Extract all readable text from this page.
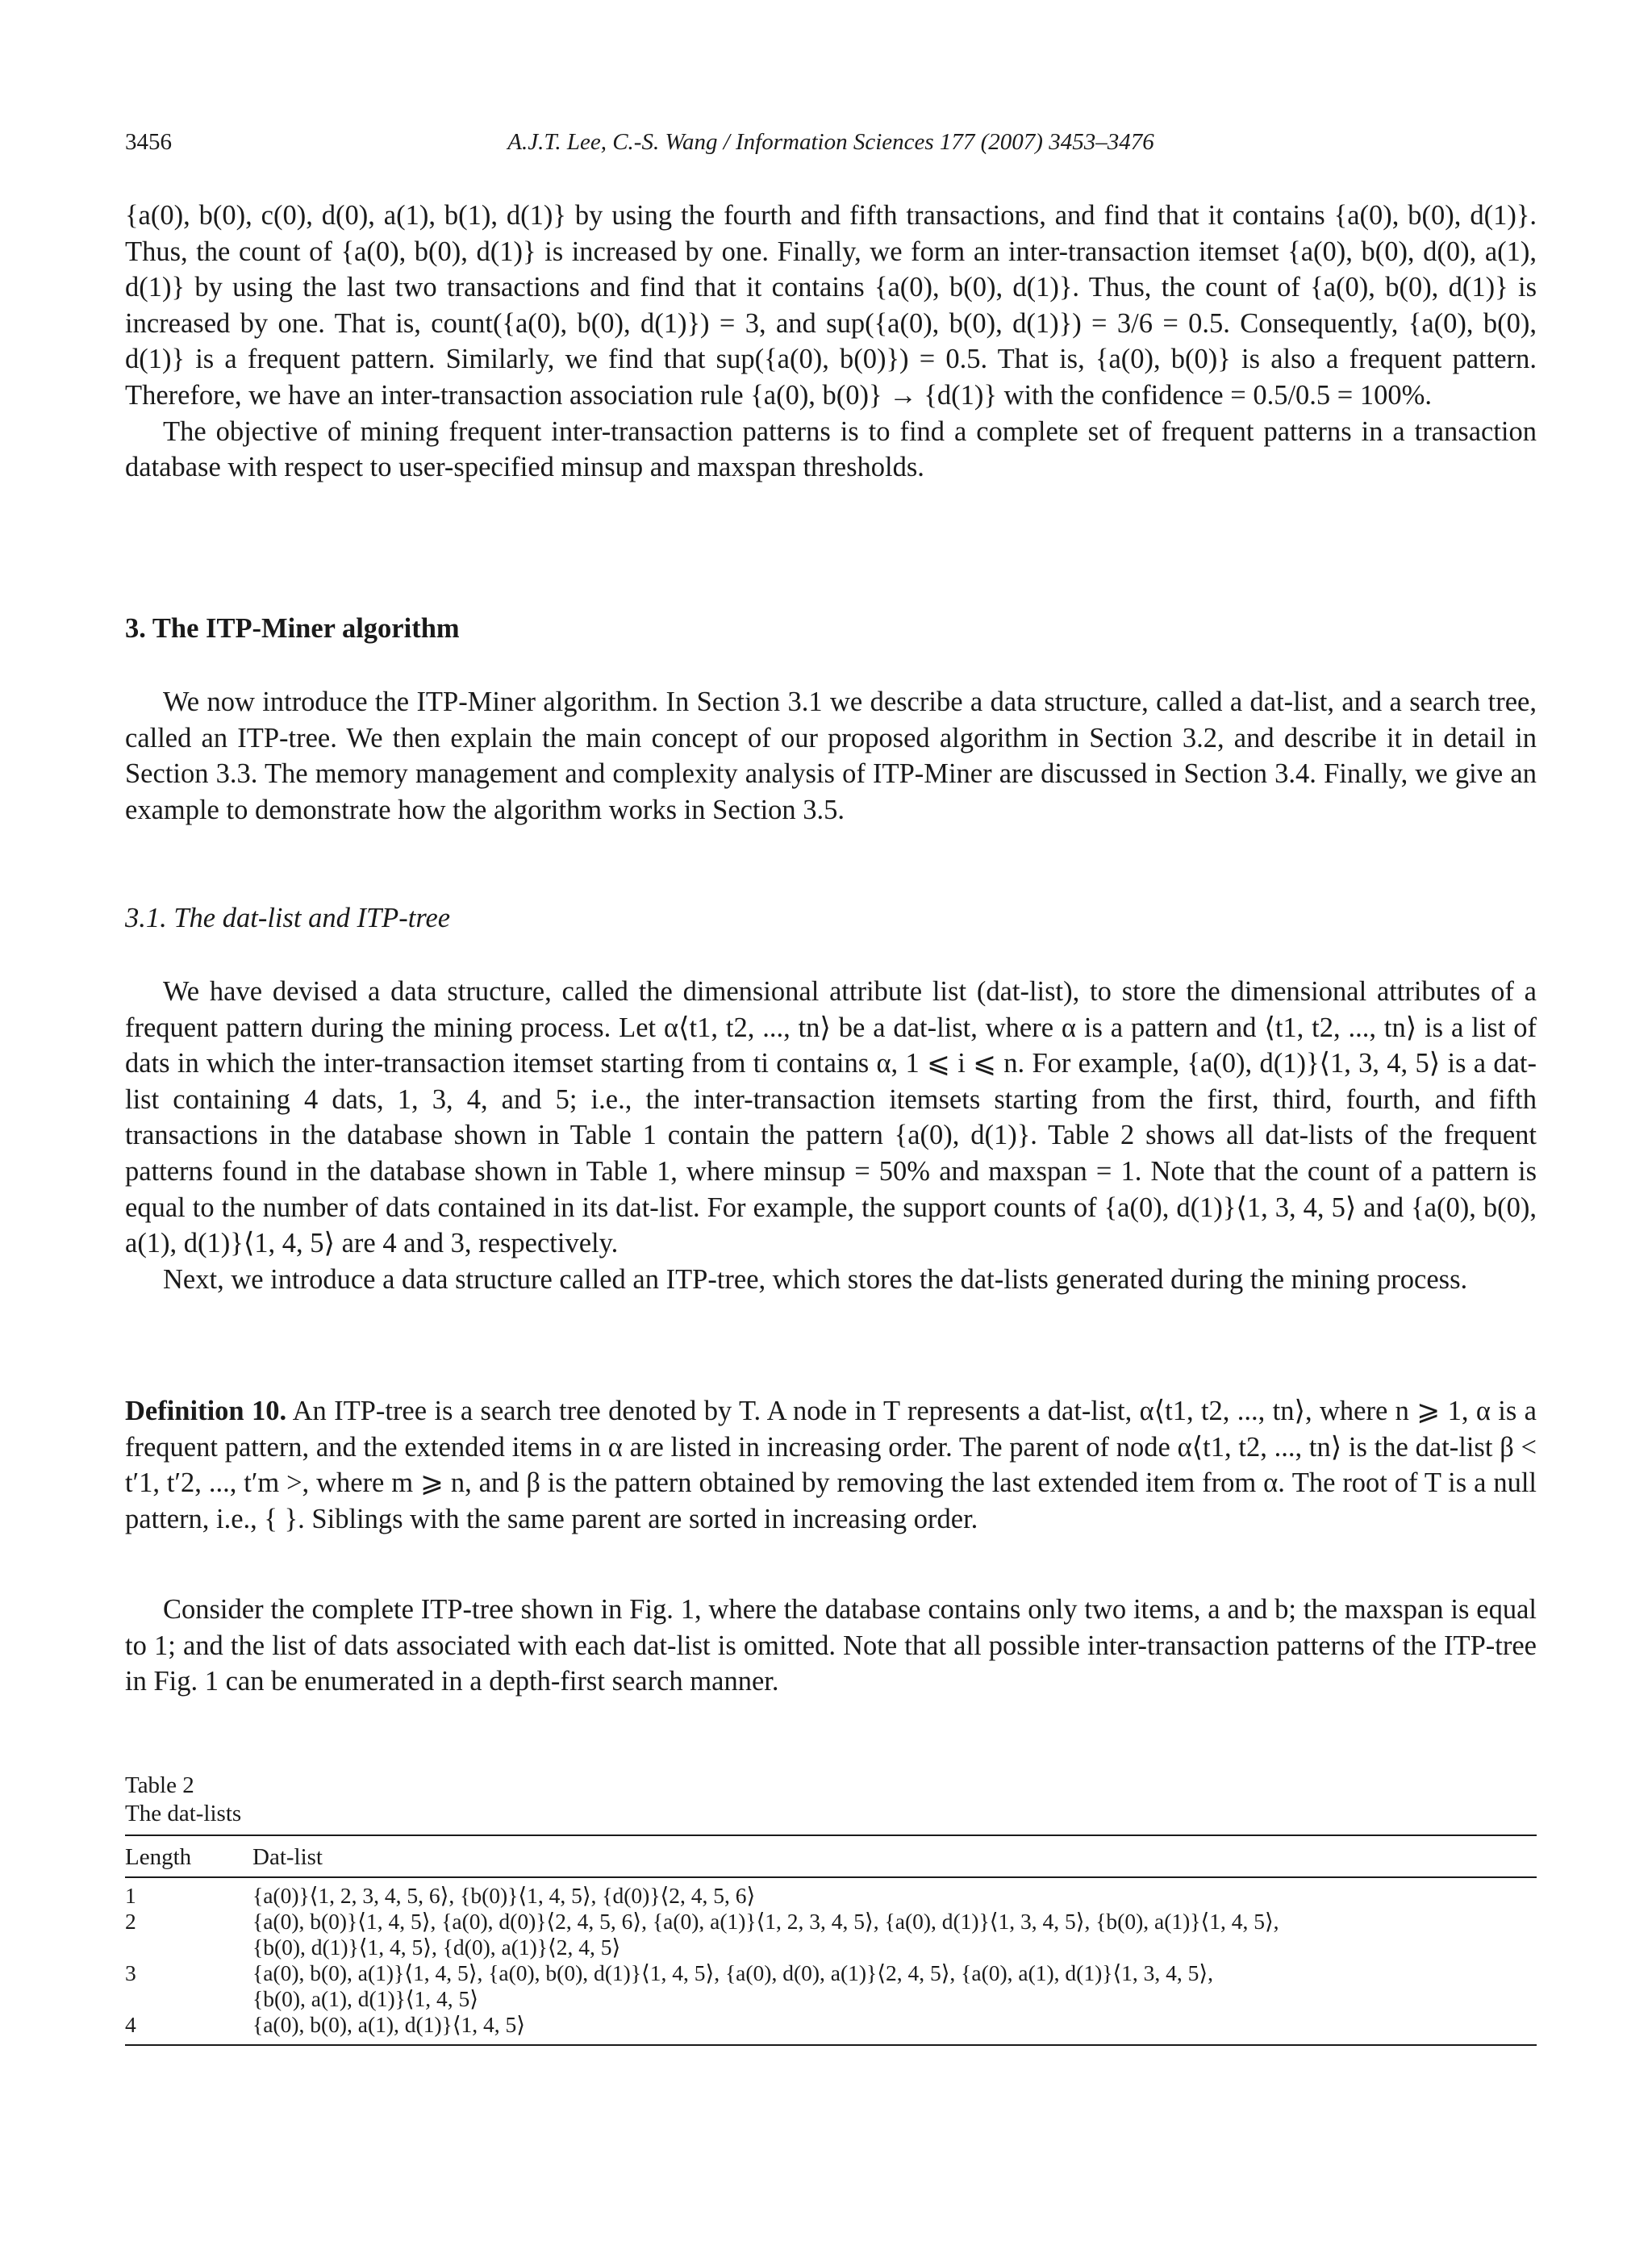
3456	A.J.T. Lee, C.-S. Wang / Information Sciences 177 (2007) 3453–3476

{a(0), b(0), c(0), d(0), a(1), b(1), d(1)} by using the fourth and fifth transactions, and find that it contains {a(0), b(0), d(1)}. Thus, the count of {a(0), b(0), d(1)} is increased by one. Finally, we form an inter-transaction itemset {a(0), b(0), d(0), a(1), d(1)} by using the last two transactions and find that it contains {a(0), b(0), d(1)}. Thus, the count of {a(0), b(0), d(1)} is increased by one. That is, count({a(0), b(0), d(1)}) = 3, and sup({a(0), b(0), d(1)}) = 3/6 = 0.5. Consequently, {a(0), b(0), d(1)} is a frequent pattern. Similarly, we find that sup({a(0), b(0)}) = 0.5. That is, {a(0), b(0)} is also a frequent pattern. Therefore, we have an inter-transaction association rule {a(0), b(0)} → {d(1)} with the confidence = 0.5/0.5 = 100%.

The objective of mining frequent inter-transaction patterns is to find a complete set of frequent patterns in a transaction database with respect to user-specified minsup and maxspan thresholds.

3. The ITP-Miner algorithm

We now introduce the ITP-Miner algorithm. In Section 3.1 we describe a data structure, called a dat-list, and a search tree, called an ITP-tree. We then explain the main concept of our proposed algorithm in Section 3.2, and describe it in detail in Section 3.3. The memory management and complexity analysis of ITP-Miner are discussed in Section 3.4. Finally, we give an example to demonstrate how the algorithm works in Section 3.5.

3.1. The dat-list and ITP-tree

We have devised a data structure, called the dimensional attribute list (dat-list), to store the dimensional attributes of a frequent pattern during the mining process. Let α⟨t1, t2, ..., tn⟩ be a dat-list, where α is a pattern and ⟨t1, t2, ..., tn⟩ is a list of dats in which the inter-transaction itemset starting from ti contains α, 1 ⩽ i ⩽ n. For example, {a(0), d(1)}⟨1, 3, 4, 5⟩ is a dat-list containing 4 dats, 1, 3, 4, and 5; i.e., the inter-transaction itemsets starting from the first, third, fourth, and fifth transactions in the database shown in Table 1 contain the pattern {a(0), d(1)}. Table 2 shows all dat-lists of the frequent patterns found in the database shown in Table 1, where minsup = 50% and maxspan = 1. Note that the count of a pattern is equal to the number of dats contained in its dat-list. For example, the support counts of {a(0), d(1)}⟨1, 3, 4, 5⟩ and {a(0), b(0), a(1), d(1)}⟨1, 4, 5⟩ are 4 and 3, respectively.

Next, we introduce a data structure called an ITP-tree, which stores the dat-lists generated during the mining process.

Definition 10. An ITP-tree is a search tree denoted by T. A node in T represents a dat-list, α⟨t1, t2, ..., tn⟩, where n ⩾ 1, α is a frequent pattern, and the extended items in α are listed in increasing order. The parent of node α⟨t1, t2, ..., tn⟩ is the dat-list β < t′1, t′2, ..., t′m >, where m ⩾ n, and β is the pattern obtained by removing the last extended item from α. The root of T is a null pattern, i.e., { }. Siblings with the same parent are sorted in increasing order.

Consider the complete ITP-tree shown in Fig. 1, where the database contains only two items, a and b; the maxspan is equal to 1; and the list of dats associated with each dat-list is omitted. Note that all possible inter-transaction patterns of the ITP-tree in Fig. 1 can be enumerated in a depth-first search manner.

Table 2
The dat-lists
Length	Dat-list
1	{a(0)}⟨1, 2, 3, 4, 5, 6⟩, {b(0)}⟨1, 4, 5⟩, {d(0)}⟨2, 4, 5, 6⟩
2	{a(0), b(0)}⟨1, 4, 5⟩, {a(0), d(0)}⟨2, 4, 5, 6⟩, {a(0), a(1)}⟨1, 2, 3, 4, 5⟩, {a(0), d(1)}⟨1, 3, 4, 5⟩, {b(0), a(1)}⟨1, 4, 5⟩,
{b(0), d(1)}⟨1, 4, 5⟩, {d(0), a(1)}⟨2, 4, 5⟩
3	{a(0), b(0), a(1)}⟨1, 4, 5⟩, {a(0), b(0), d(1)}⟨1, 4, 5⟩, {a(0), d(0), a(1)}⟨2, 4, 5⟩, {a(0), a(1), d(1)}⟨1, 3, 4, 5⟩,
{b(0), a(1), d(1)}⟨1, 4, 5⟩
4	{a(0), b(0), a(1), d(1)}⟨1, 4, 5⟩
